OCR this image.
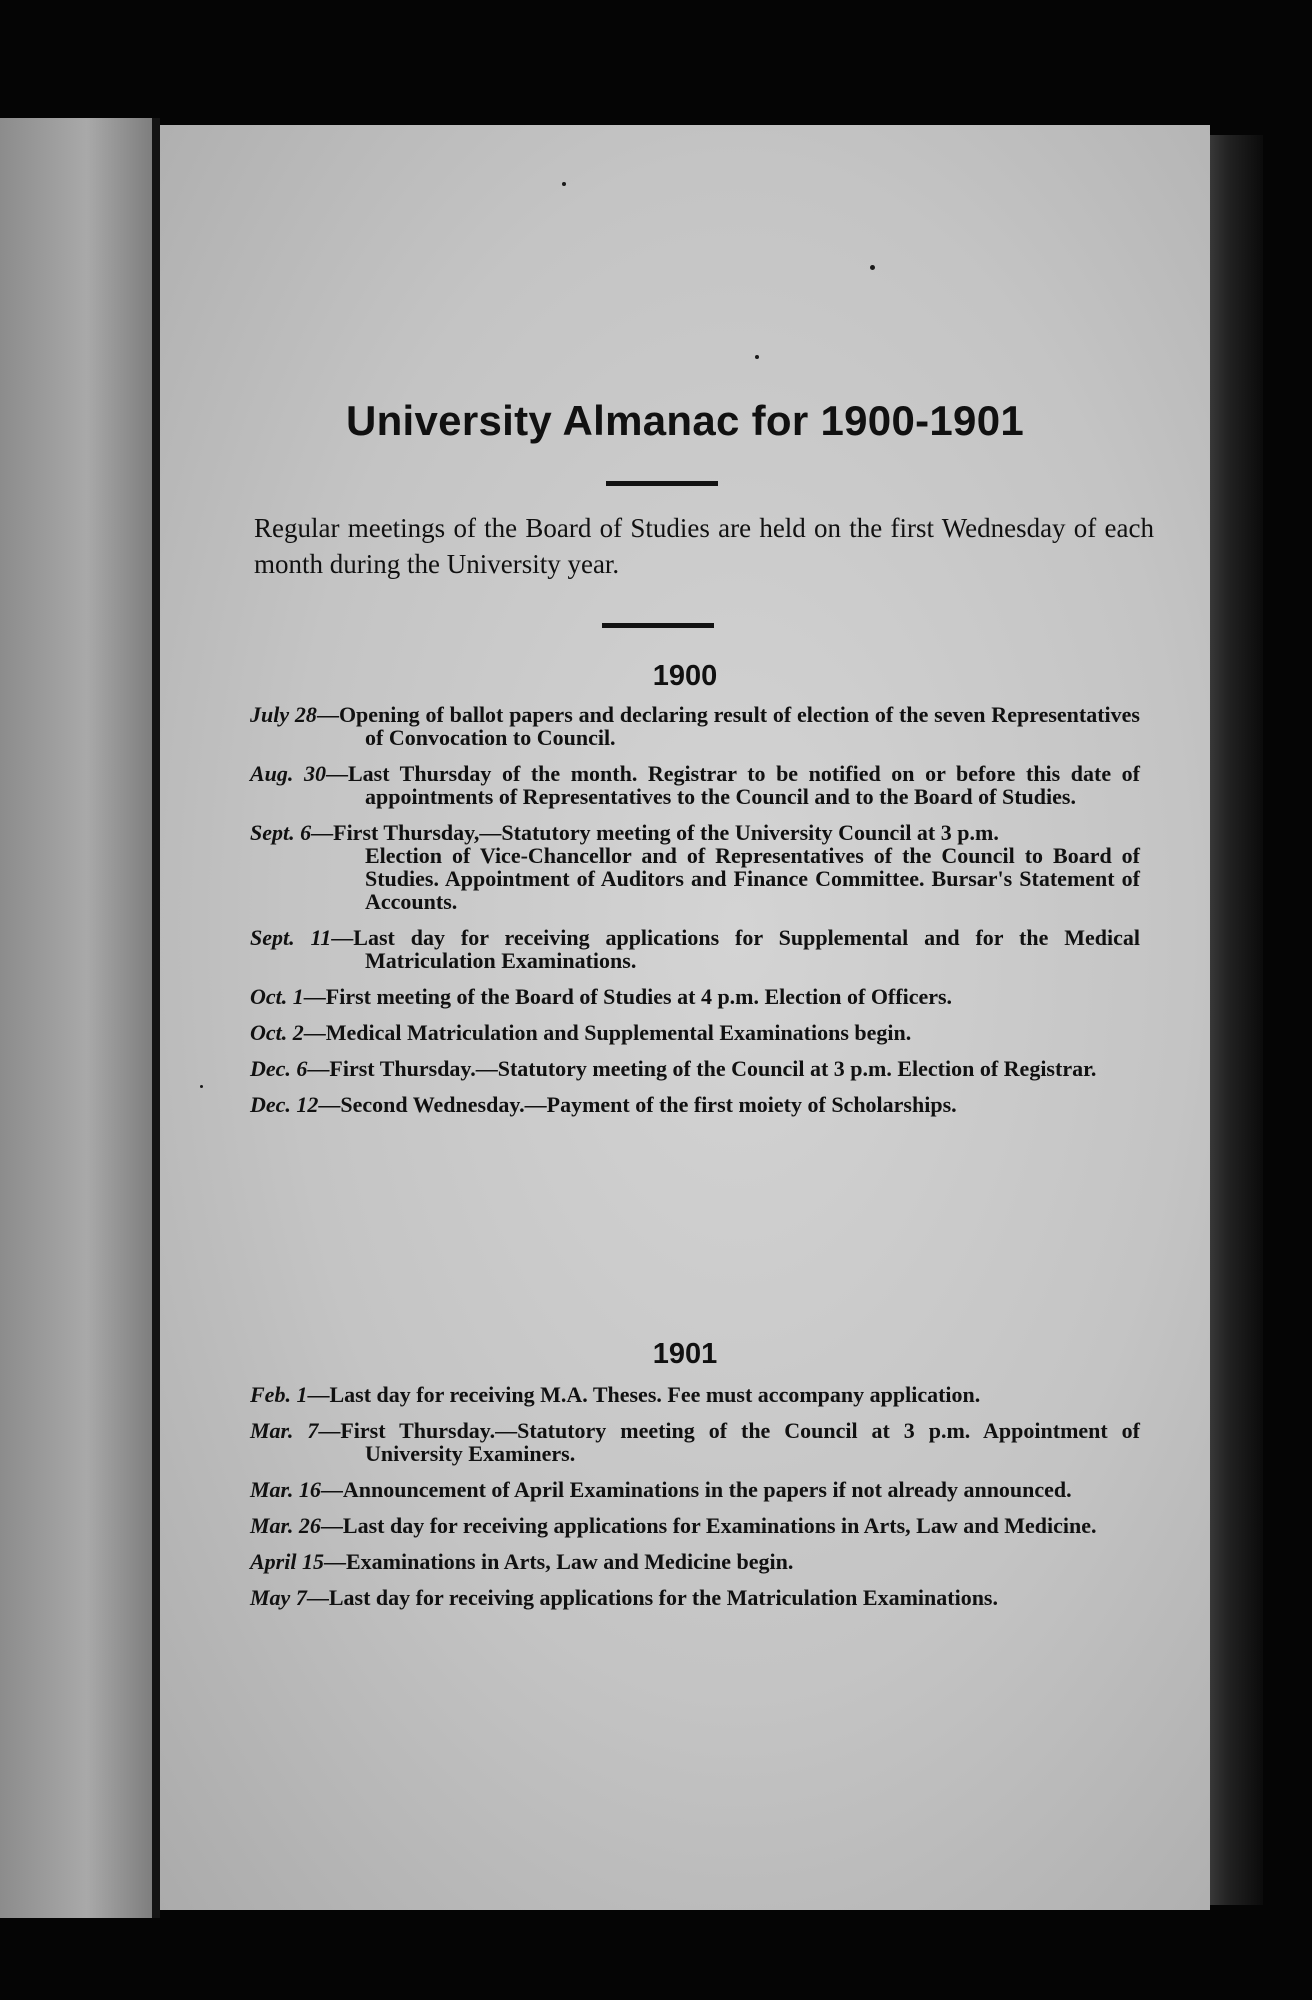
University Almanac for 1900-1901

Regular meetings of the Board of Studies are held on the first Wednesday of each month during the University year.

1900

July 28—Opening of ballot papers and declaring result of election of the seven Representatives of Convocation to Council.

Aug. 30—Last Thursday of the month. Registrar to be notified on or before this date of appointments of Representatives to the Council and to the Board of Studies.

Sept. 6—First Thursday,—Statutory meeting of the University Council at 3 p.m.
Election of Vice-Chancellor and of Representatives of the Council to Board of Studies. Appointment of Auditors and Finance Committee. Bursar's Statement of Accounts.

Sept. 11—Last day for receiving applications for Supplemental and for the Medical Matriculation Examinations.

Oct. 1—First meeting of the Board of Studies at 4 p.m. Election of Officers.

Oct. 2—Medical Matriculation and Supplemental Examinations begin.

Dec. 6—First Thursday.—Statutory meeting of the Council at 3 p.m. Election of Registrar.

Dec. 12—Second Wednesday.—Payment of the first moiety of Scholarships.

1901

Feb. 1—Last day for receiving M.A. Theses. Fee must accompany application.

Mar. 7—First Thursday.—Statutory meeting of the Council at 3 p.m. Appointment of University Examiners.

Mar. 16—Announcement of April Examinations in the papers if not already announced.

Mar. 26—Last day for receiving applications for Examinations in Arts, Law and Medicine.

April 15—Examinations in Arts, Law and Medicine begin.

May 7—Last day for receiving applications for the Matriculation Examinations.
